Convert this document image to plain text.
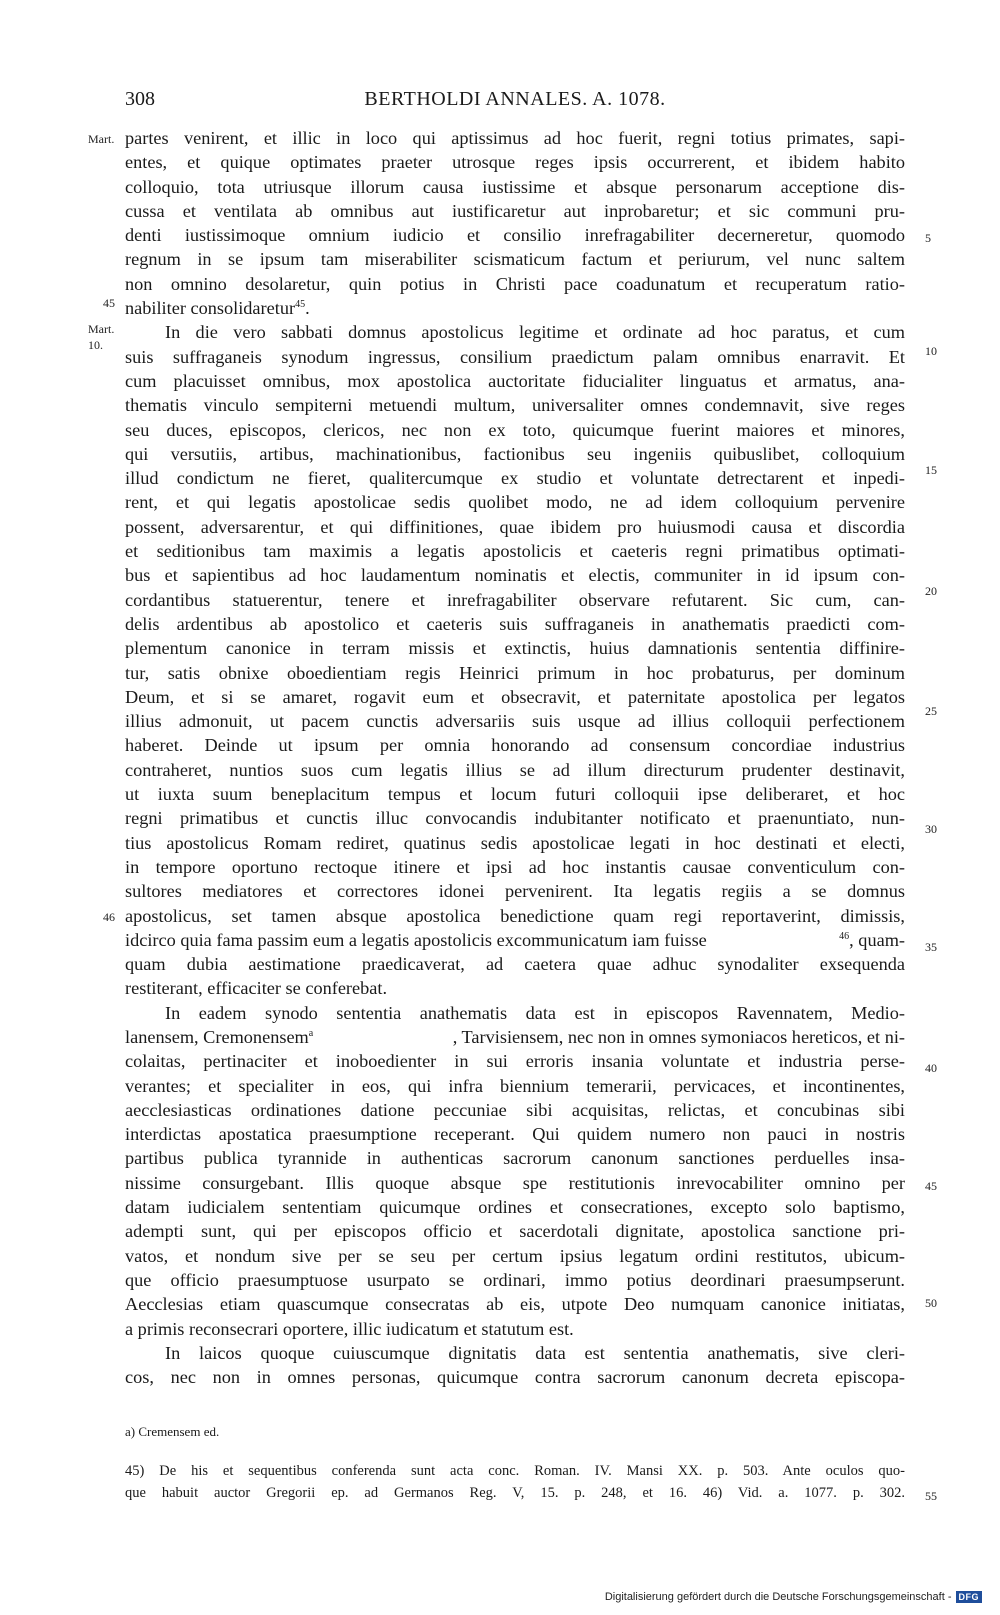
308	BERTHOLDI ANNALES. A. 1078.
Mart.
45
Mart.
10.
46
5
10
15
20
25
30
35
40
45
50
55
partes venirent, et illic in loco qui aptissimus ad hoc fuerit, regni totius primates, sapi-
entes, et quique optimates praeter utrosque reges ipsis occurrerent, et ibidem habito
colloquio, tota utriusque illorum causa iustissime et absque personarum acceptione dis-
cussa et ventilata ab omnibus aut iustificaretur aut inprobaretur; et sic communi pru-
denti iustissimoque omnium iudicio et consilio inrefragabiliter decerneretur, quomodo
regnum in se ipsum tam miserabiliter scismaticum factum et periurum, vel nunc saltem
non omnino desolaretur, quin potius in Christi pace coadunatum et recuperatum ratio-
nabiliter consolidaretur$^{45}$.
In die vero sabbati domnus apostolicus legitime et ordinate ad hoc paratus, et cum
suis suffraganeis synodum ingressus, consilium praedictum palam omnibus enarravit. Et
cum placuisset omnibus, mox apostolica auctoritate fiducialiter linguatus et armatus, ana-
thematis vinculo sempiterni metuendi multum, universaliter omnes condemnavit, sive reges
seu duces, episcopos, clericos, nec non ex toto, quicumque fuerint maiores et minores,
qui versutiis, artibus, machinationibus, factionibus seu ingeniis quibuslibet, colloquium
illud condictum ne fieret, qualitercumque ex studio et voluntate detrectarent et inpedi-
rent, et qui legatis apostolicae sedis quolibet modo, ne ad idem colloquium pervenire
possent, adversarentur, et qui diffinitiones, quae ibidem pro huiusmodi causa et discordia
et seditionibus tam maximis a legatis apostolicis et caeteris regni primatibus optimati-
bus et sapientibus ad hoc laudamentum nominatis et electis, communiter in id ipsum con-
cordantibus statuerentur, tenere et inrefragabiliter observare refutarent. Sic cum, can-
delis ardentibus ab apostolico et caeteris suis suffraganeis in anathematis praedicti com-
plementum canonice in terram missis et extinctis, huius damnationis sententia diffinire-
tur, satis obnixe oboedientiam regis Heinrici primum in hoc probaturus, per dominum
Deum, et si se amaret, rogavit eum et obsecravit, et paternitate apostolica per legatos
illius admonuit, ut pacem cunctis adversariis suis usque ad illius colloquii perfectionem
haberet. Deinde ut ipsum per omnia honorando ad consensum concordiae industrius
contraheret, nuntios suos cum legatis illius se ad illum directurum prudenter destinavit,
ut iuxta suum beneplacitum tempus et locum futuri colloquii ipse deliberaret, et hoc
regni primatibus et cunctis illuc convocandis indubitanter notificato et praenuntiato, nun-
tius apostolicus Romam rediret, quatinus sedis apostolicae legati in hoc destinati et electi,
in tempore oportuno rectoque itinere et ipsi ad hoc instantis causae conventiculum con-
sultores mediatores et correctores idonei pervenirent. Ita legatis regiis a se domnus
apostolicus, set tamen absque apostolica benedictione quam regi reportaverint, dimissis,
idcirco quia fama passim eum a legatis apostolicis excommunicatum iam fuisse	$^{46}$, quam-
quam dubia aestimatione praedicaverat, ad caetera quae adhuc synodaliter exsequenda
restiterant, efficaciter se conferebat.
In eadem synodo sententia anathematis data est in episcopos Ravennatem, Medio-
lanensem, Cremonensem$^a$	, Tarvisiensem, nec non in omnes symoniacos hereticos, et ni-
colaitas, pertinaciter et inoboedienter in sui erroris insania voluntate et industria perse-
verantes; et specialiter in eos, qui infra biennium temerarii, pervicaces, et incontinentes,
aecclesiasticas ordinationes datione peccuniae sibi acquisitas, relictas, et concubinas sibi
interdictas apostatica praesumptione receperant. Qui quidem numero non pauci in nostris
partibus publica tyrannide in authenticas sacrorum canonum sanctiones perduelles insa-
nissime consurgebant. Illis quoque absque spe restitutionis inrevocabiliter omnino per
datam iudicialem sententiam quicumque ordines et consecrationes, excepto solo baptismo,
adempti sunt, qui per episcopos officio et sacerdotali dignitate, apostolica sanctione pri-
vatos, et nondum sive per se seu per certum ipsius legatum ordini restitutos, ubicum-
que officio praesumptuose usurpato se ordinari, immo potius deordinari praesumpserunt.
Aecclesias etiam quascumque consecratas ab eis, utpote Deo numquam canonice initiatas,
a primis reconsecrari oportere, illic iudicatum et statutum est.
In laicos quoque cuiuscumque dignitatis data est sententia anathematis, sive cleri-
cos, nec non in omnes personas, quicumque contra sacrorum canonum decreta episcopa-
a) Cremensem ed.
45) De his et sequentibus conferenda sunt acta conc. Roman. IV. Mansi XX. p. 503. Ante oculos quo-
que habuit auctor Gregorii ep. ad Germanos Reg. V, 15. p. 248, et 16. 46) Vid. a. 1077. p. 302.
Digitalisierung gefördert durch die Deutsche Forschungsgemeinschaft - DFG
